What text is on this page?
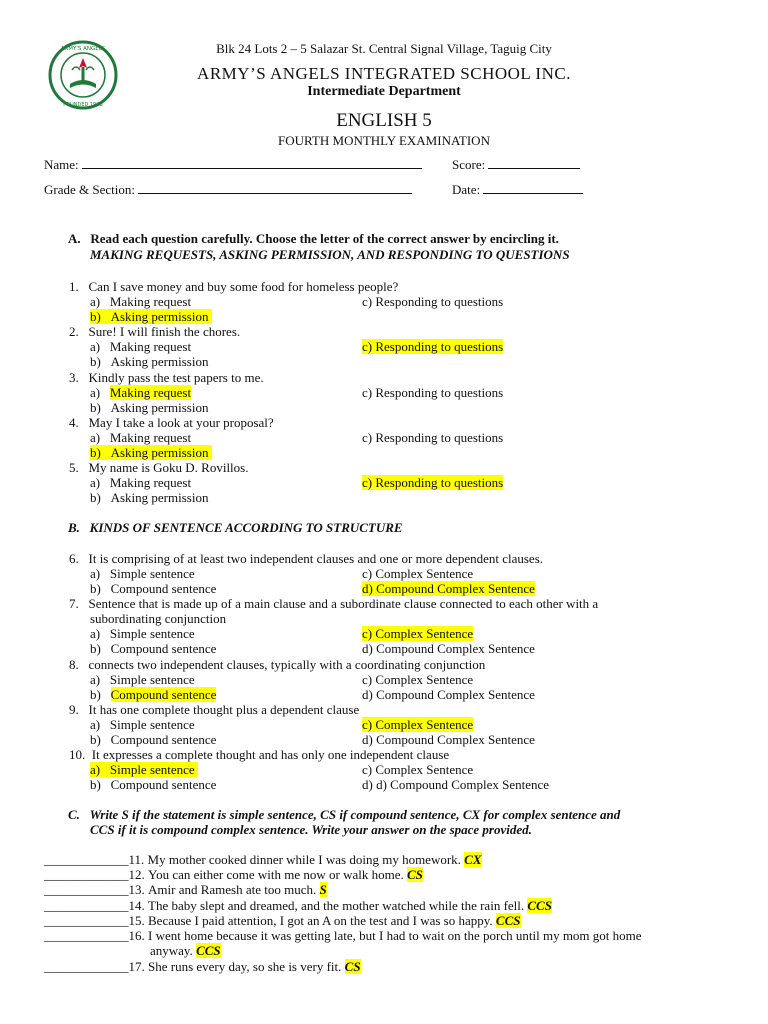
ARMY'S ANGELS
FOUNDED 1998
Blk 24 Lots 2 – 5 Salazar St. Central Signal Village, Taguig City
ARMY’S ANGELS INTEGRATED SCHOOL INC.
Intermediate Department
ENGLISH 5
FOURTH MONTHLY EXAMINATION
Name:	Score:
Grade & Section:	Date:
A. Read each question carefully. Choose the letter of the correct answer by encircling it.
MAKING REQUESTS, ASKING PERMISSION, AND RESPONDING TO QUESTIONS
1. Can I save money and buy some food for homeless people?
a) Making request	c) Responding to questions
b) Asking permission
2. Sure! I will finish the chores.
a) Making request	c) Responding to questions
b) Asking permission
3. Kindly pass the test papers to me.
a) Making request	c) Responding to questions
b) Asking permission
4. May I take a look at your proposal?
a) Making request	c) Responding to questions
b) Asking permission
5. My name is Goku D. Rovillos.
a) Making request	c) Responding to questions
b) Asking permission
B. KINDS OF SENTENCE ACCORDING TO STRUCTURE
6. It is comprising of at least two independent clauses and one or more dependent clauses.
a) Simple sentence	c) Complex Sentence
b) Compound sentence	d) Compound Complex Sentence
7. Sentence that is made up of a main clause and a subordinate clause connected to each other with a
subordinating conjunction
a) Simple sentence	c) Complex Sentence
b) Compound sentence	d) Compound Complex Sentence
8. connects two independent clauses, typically with a coordinating conjunction
a) Simple sentence	c) Complex Sentence
b) Compound sentence	d) Compound Complex Sentence
9. It has one complete thought plus a dependent clause
a) Simple sentence	c) Complex Sentence
b) Compound sentence	d) Compound Complex Sentence
10. It expresses a complete thought and has only one independent clause
a) Simple sentence	c) Complex Sentence
b) Compound sentence	d) d) Compound Complex Sentence
C. Write S if the statement is simple sentence, CS if compound sentence, CX for complex sentence and
CCS if it is compound complex sentence. Write your answer on the space provided.
_____________11. My mother cooked dinner while I was doing my homework. CX
_____________12. You can either come with me now or walk home. CS
_____________13. Amir and Ramesh ate too much. S
_____________14. The baby slept and dreamed, and the mother watched while the rain fell. CCS
_____________15. Because I paid attention, I got an A on the test and I was so happy. CCS
_____________16. I went home because it was getting late, but I had to wait on the porch until my mom got home
anyway. CCS
_____________17. She runs every day, so she is very fit. CS
